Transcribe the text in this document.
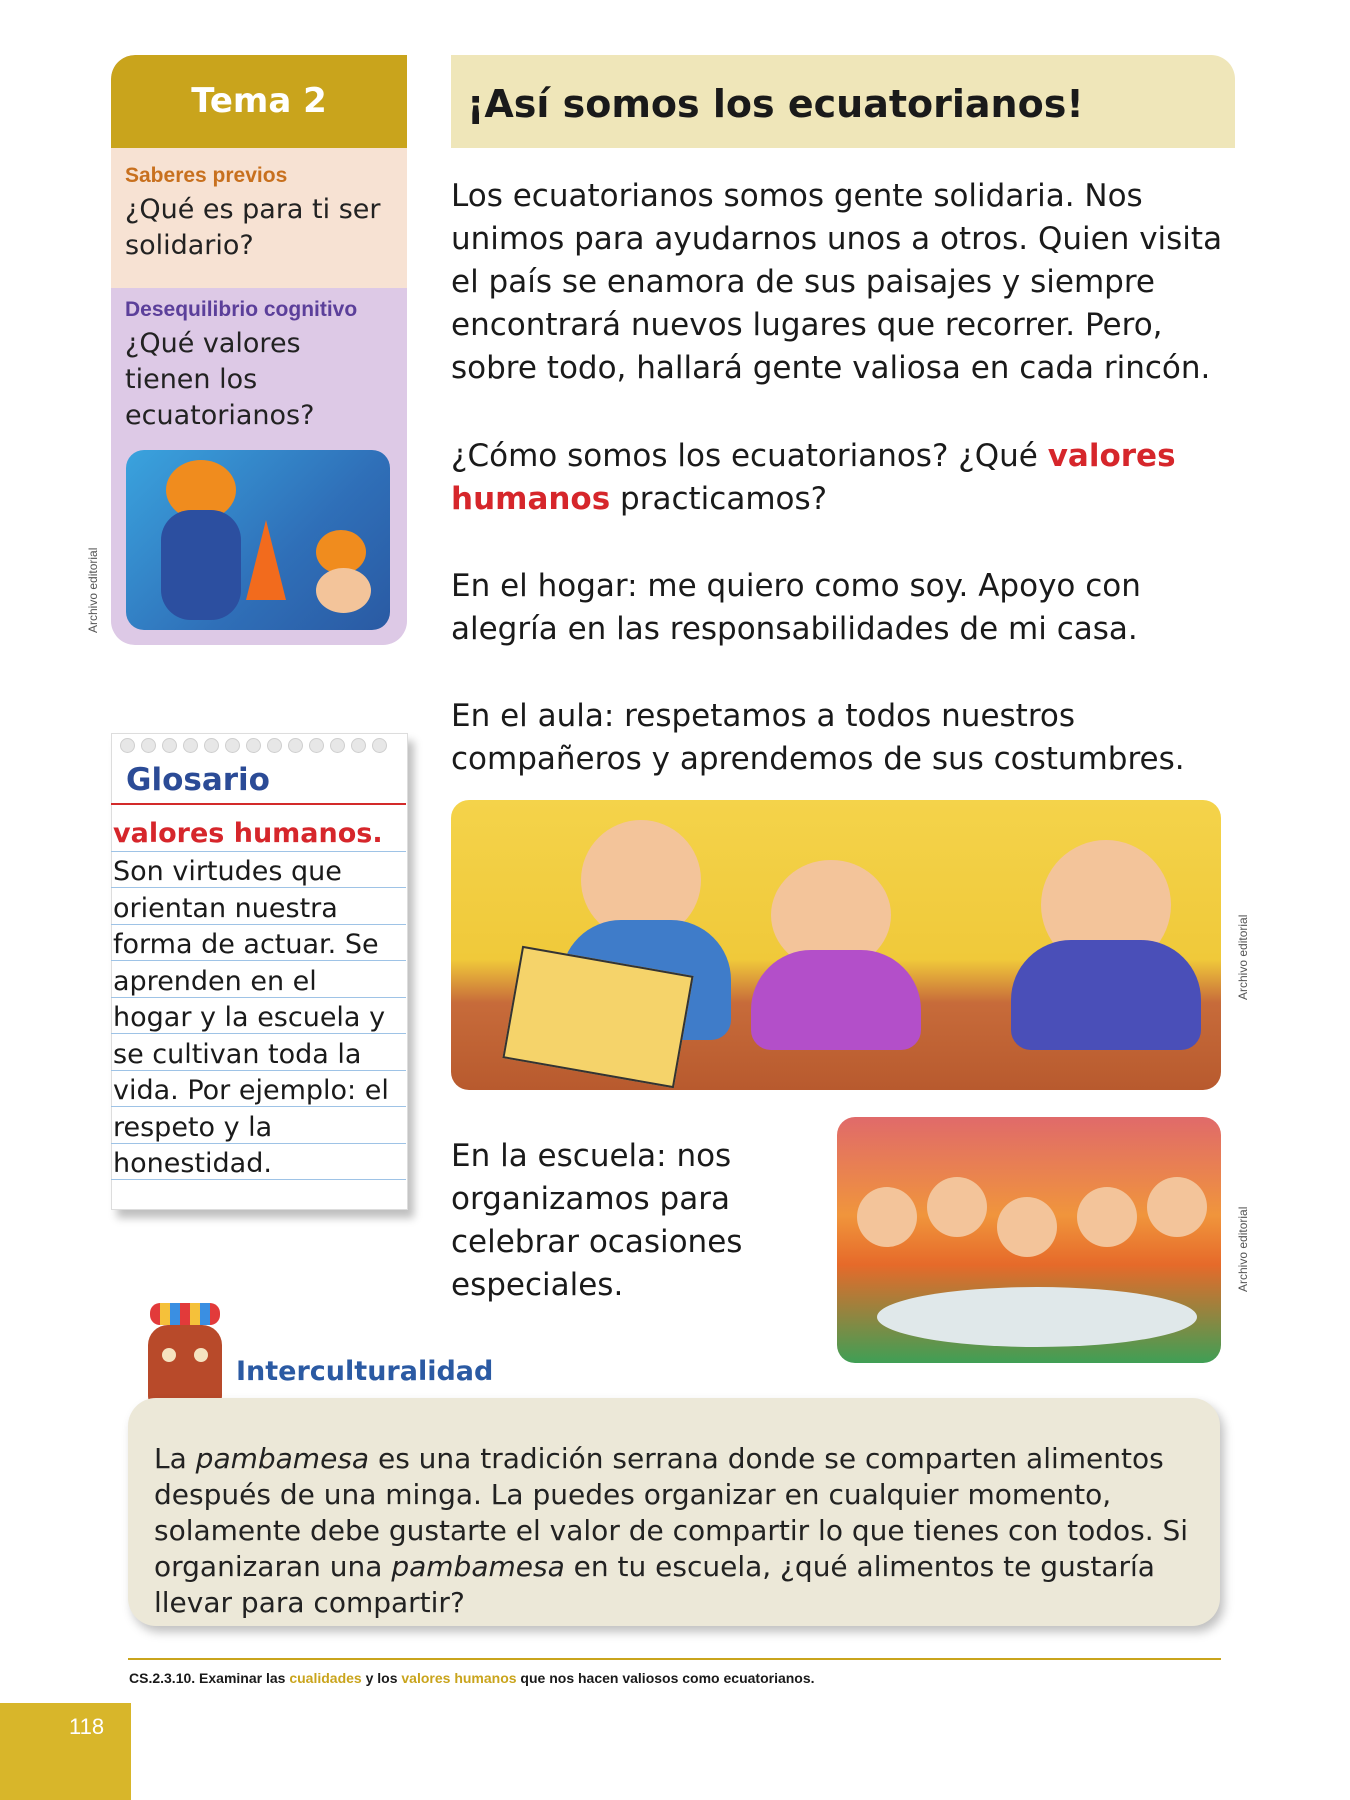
Tema 2
Saberes previos
¿Qué es para ti ser solidario?
Desequilibrio cognitivo
¿Qué valores tienen los ecuatorianos?
Archivo editorial
¡Así somos los ecuatorianos!
Los ecuatorianos somos gente solidaria. Nos unimos para ayudarnos unos a otros. Quien visita el país se enamora de sus paisajes y siempre encontrará nuevos lugares que recorrer. Pero, sobre todo, hallará gente valiosa en cada rincón.
¿Cómo somos los ecuatorianos? ¿Qué valores humanos practicamos?
En el hogar: me quiero como soy. Apoyo con alegría en las responsabilidades de mi casa.
En el aula: respetamos a todos nuestros compañeros y aprendemos de sus costumbres.
Archivo editorial
En la escuela: nos organizamos para celebrar ocasiones especiales.	Archivo editorial
Glosario
valores humanos.
Son virtudes que orientan nuestra forma de actuar. Se aprenden en el hogar y la escuela y se cultivan toda la vida. Por ejemplo: el respeto y la honestidad.
Interculturalidad
La pambamesa es una tradición serrana donde se comparten alimentos después de una minga. La puedes organizar en cualquier momento, solamente debe gustarte el valor de compartir lo que tienes con todos. Si organizaran una pambamesa en tu escuela, ¿qué alimentos te gustaría llevar para compartir?
CS.2.3.10. Examinar las cualidades y los valores humanos que nos hacen valiosos como ecuatorianos.
118
